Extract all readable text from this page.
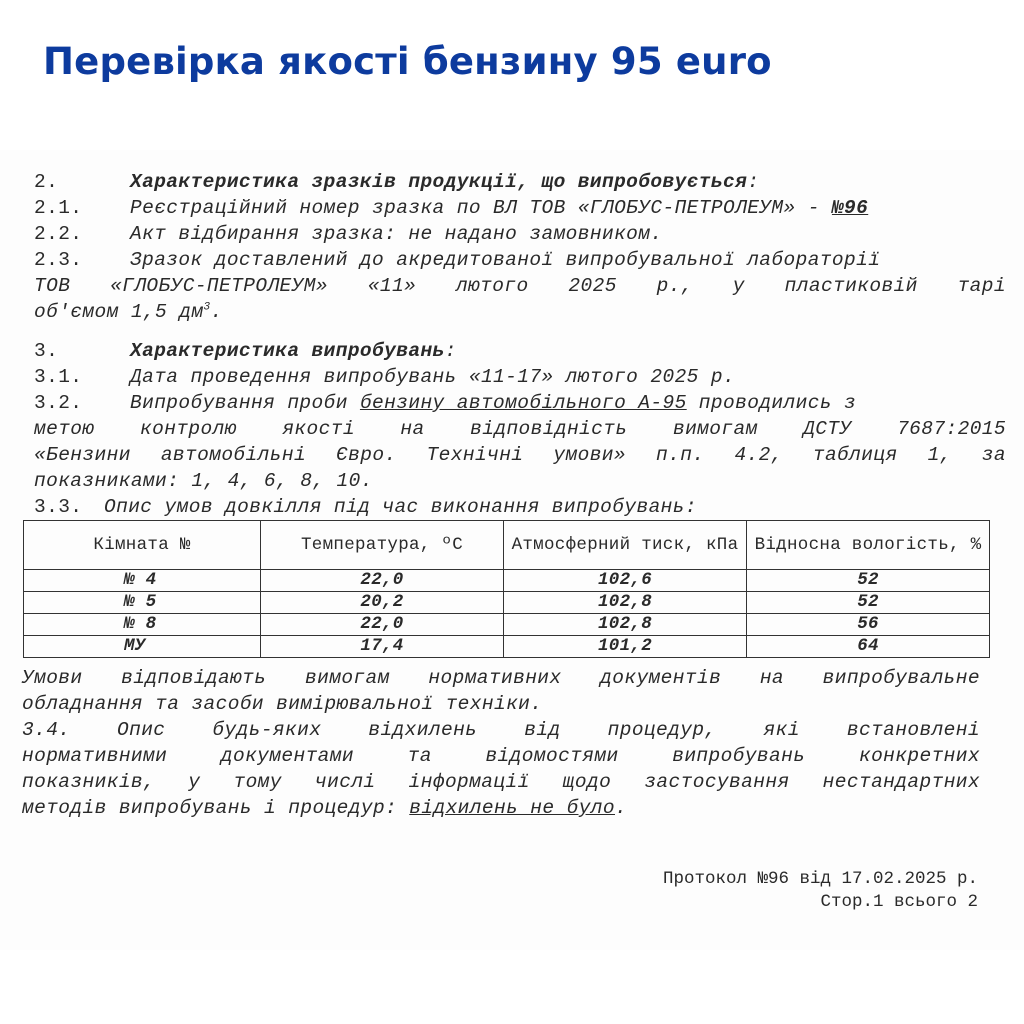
Перевірка якості бензину 95 euro
2.	Характеристика зразків продукції, що випробовується:
2.1. Реєстраційний номер зразка по ВЛ ТОВ «ГЛОБУС-ПЕТРОЛЕУМ» - №96
2.2. Акт відбирання зразка: не надано замовником.
2.3. Зразок доставлений до акредитованої випробувальної лабораторії
ТОВ «ГЛОБУС-ПЕТРОЛЕУМ» «11» лютого 2025 р., у пластиковій тарі
об'ємом 1,5 $дм^3$.
3.	Характеристика випробувань:
3.1. Дата проведення випробувань «11-17» лютого 2025 р.
3.2. Випробування проби бензину автомобільного А-95 проводились з
метою контролю якості на відповідність вимогам ДСТУ 7687:2015
«Бензини автомобільні Євро. Технічні умови» п.п. 4.2, таблиця 1, за
показниками: 1, 4, 6, 8, 10.
3.3. Опис умов довкілля під час виконання випробувань:
Кімната №	Температура, ºС	Атмосферний тиск, кПа	Відносна вологість, %
№ 4	22,0	102,6	52
№ 5	20,2	102,8	52
№ 8	22,0	102,8	56
МУ	17,4	101,2	64
Умови відповідають вимогам нормативних документів на випробувальне
обладнання та засоби вимірювальної техніки.
3.4.	Опис будь-яких відхилень від процедур, які встановлені
нормативними документами та відомостями випробувань конкретних
показників, у тому числі інформації щодо застосування нестандартних
методів випробувань і процедур: відхилень не було.
Протокол №96 від 17.02.2025 р.
Стор.1 всього 2
